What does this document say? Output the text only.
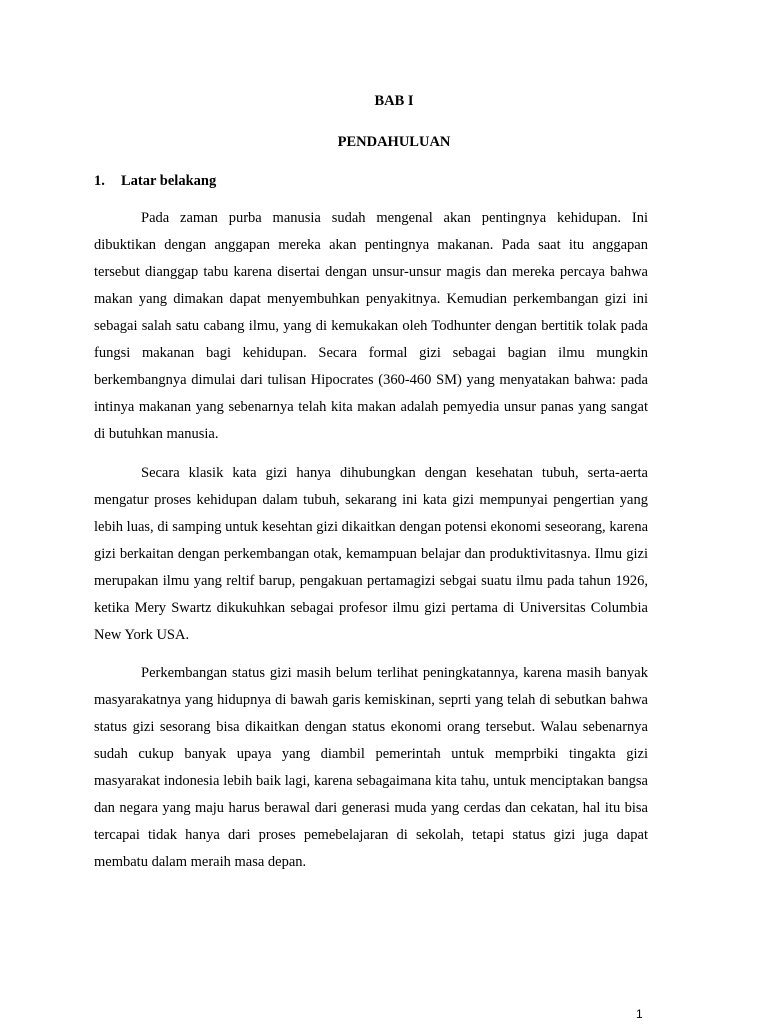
BAB I

PENDAHULUAN

1.	Latar belakang

Pada zaman purba manusia sudah mengenal akan pentingnya kehidupan. Ini dibuktikan dengan anggapan mereka akan pentingnya makanan. Pada saat itu anggapan tersebut dianggap tabu karena disertai dengan unsur-unsur magis dan mereka percaya bahwa makan yang dimakan dapat menyembuhkan penyakitnya. Kemudian perkembangan gizi ini sebagai salah satu cabang ilmu, yang di kemukakan oleh Todhunter dengan bertitik tolak pada fungsi makanan bagi kehidupan. Secara formal gizi sebagai bagian ilmu mungkin berkembangnya dimulai dari tulisan Hipocrates (360-460 SM) yang menyatakan bahwa: pada intinya makanan yang sebenarnya telah kita makan adalah pemyedia unsur panas yang sangat di butuhkan manusia.

Secara klasik kata gizi hanya dihubungkan dengan kesehatan tubuh, serta-aerta mengatur proses kehidupan dalam tubuh, sekarang ini kata gizi mempunyai pengertian yang lebih luas, di samping untuk kesehtan gizi dikaitkan dengan potensi ekonomi seseorang, karena gizi berkaitan dengan perkembangan otak, kemampuan belajar dan produktivitasnya. Ilmu gizi merupakan ilmu yang reltif barup, pengakuan pertamagizi sebgai suatu ilmu pada tahun 1926, ketika Mery Swartz dikukuhkan sebagai profesor ilmu gizi pertama di Universitas Columbia New York USA.

Perkembangan status gizi masih belum terlihat peningkatannya, karena masih banyak masyarakatnya yang hidupnya di bawah garis kemiskinan, seprti yang telah di sebutkan bahwa status gizi sesorang bisa dikaitkan dengan status ekonomi orang tersebut. Walau sebenarnya sudah cukup banyak upaya yang diambil pemerintah untuk memprbiki tingakta gizi masyarakat indonesia lebih baik lagi, karena sebagaimana kita tahu, untuk menciptakan bangsa dan negara yang maju harus berawal dari generasi muda yang cerdas dan cekatan, hal itu bisa tercapai tidak hanya dari proses pemebelajaran di sekolah, tetapi status gizi juga dapat membatu dalam meraih masa depan.

1
